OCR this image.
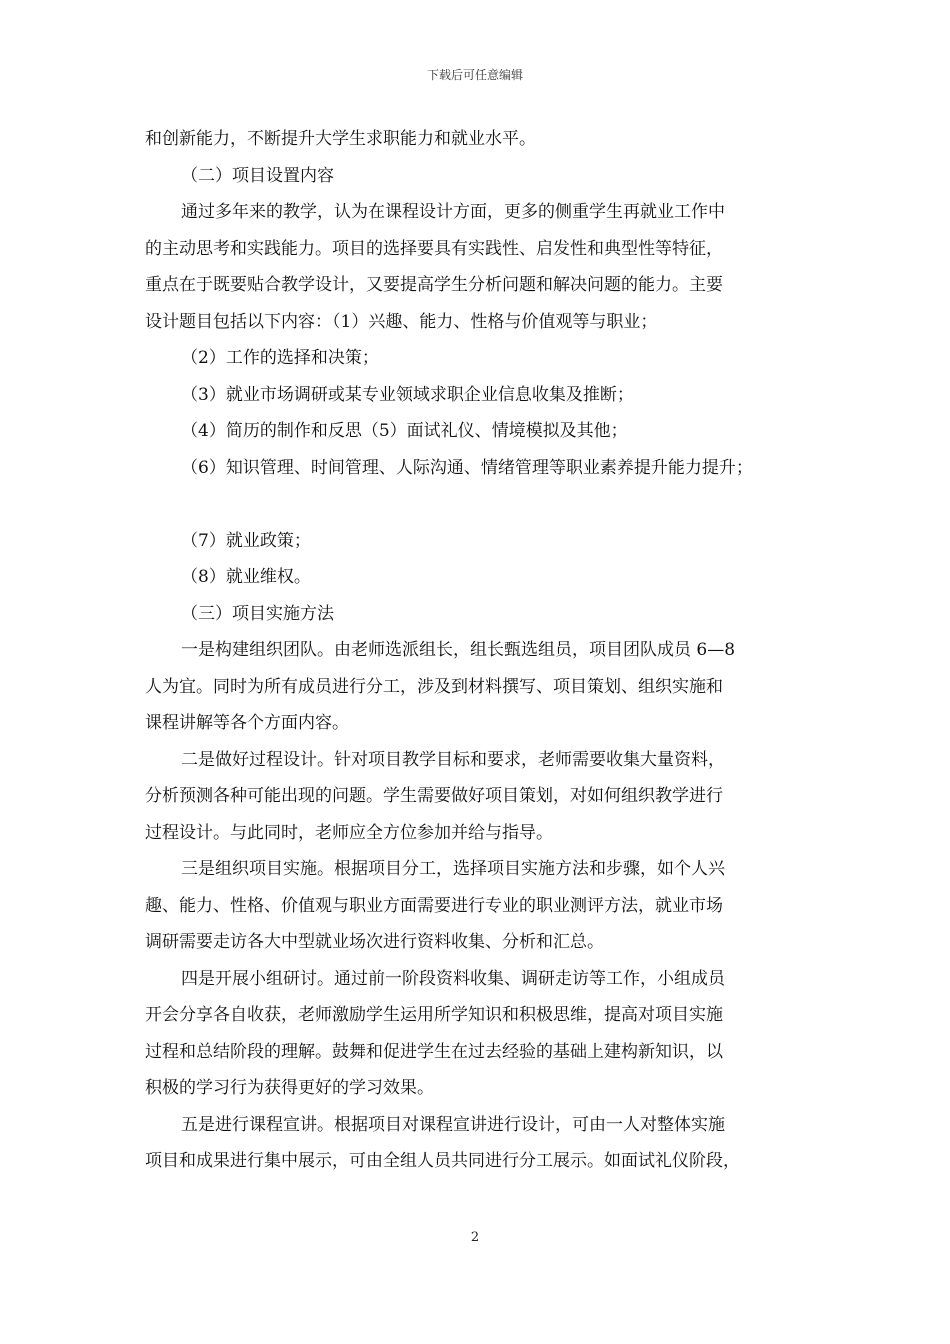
下载后可任意编辑
和创新能力，不断提升大学生求职能力和就业水平。
（二）项目设置内容
通过多年来的教学，认为在课程设计方面，更多的侧重学生再就业工作中
的主动思考和实践能力。项目的选择要具有实践性、启发性和典型性等特征，
重点在于既要贴合教学设计，又要提高学生分析问题和解决问题的能力。主要
设计题目包括以下内容：（1）兴趣、能力、性格与价值观等与职业；
（2）工作的选择和决策；
（3）就业市场调研或某专业领域求职企业信息收集及推断；
（4）简历的制作和反思（5）面试礼仪、情境模拟及其他；
（6）知识管理、时间管理、人际沟通、情绪管理等职业素养提升能力提升；
（7）就业政策；
（8）就业维权。
（三）项目实施方法
一是构建组织团队。由老师选派组长，组长甄选组员，项目团队成员 6—8
人为宜。同时为所有成员进行分工，涉及到材料撰写、项目策划、组织实施和
课程讲解等各个方面内容。
二是做好过程设计。针对项目教学目标和要求，老师需要收集大量资料，
分析预测各种可能出现的问题。学生需要做好项目策划，对如何组织教学进行
过程设计。与此同时，老师应全方位参加并给与指导。
三是组织项目实施。根据项目分工，选择项目实施方法和步骤，如个人兴
趣、能力、性格、价值观与职业方面需要进行专业的职业测评方法，就业市场
调研需要走访各大中型就业场次进行资料收集、分析和汇总。
四是开展小组研讨。通过前一阶段资料收集、调研走访等工作，小组成员
开会分享各自收获，老师激励学生运用所学知识和积极思维，提高对项目实施
过程和总结阶段的理解。鼓舞和促进学生在过去经验的基础上建构新知识，以
积极的学习行为获得更好的学习效果。
五是进行课程宣讲。根据项目对课程宣讲进行设计，可由一人对整体实施
项目和成果进行集中展示，可由全组人员共同进行分工展示。如面试礼仪阶段，
2
